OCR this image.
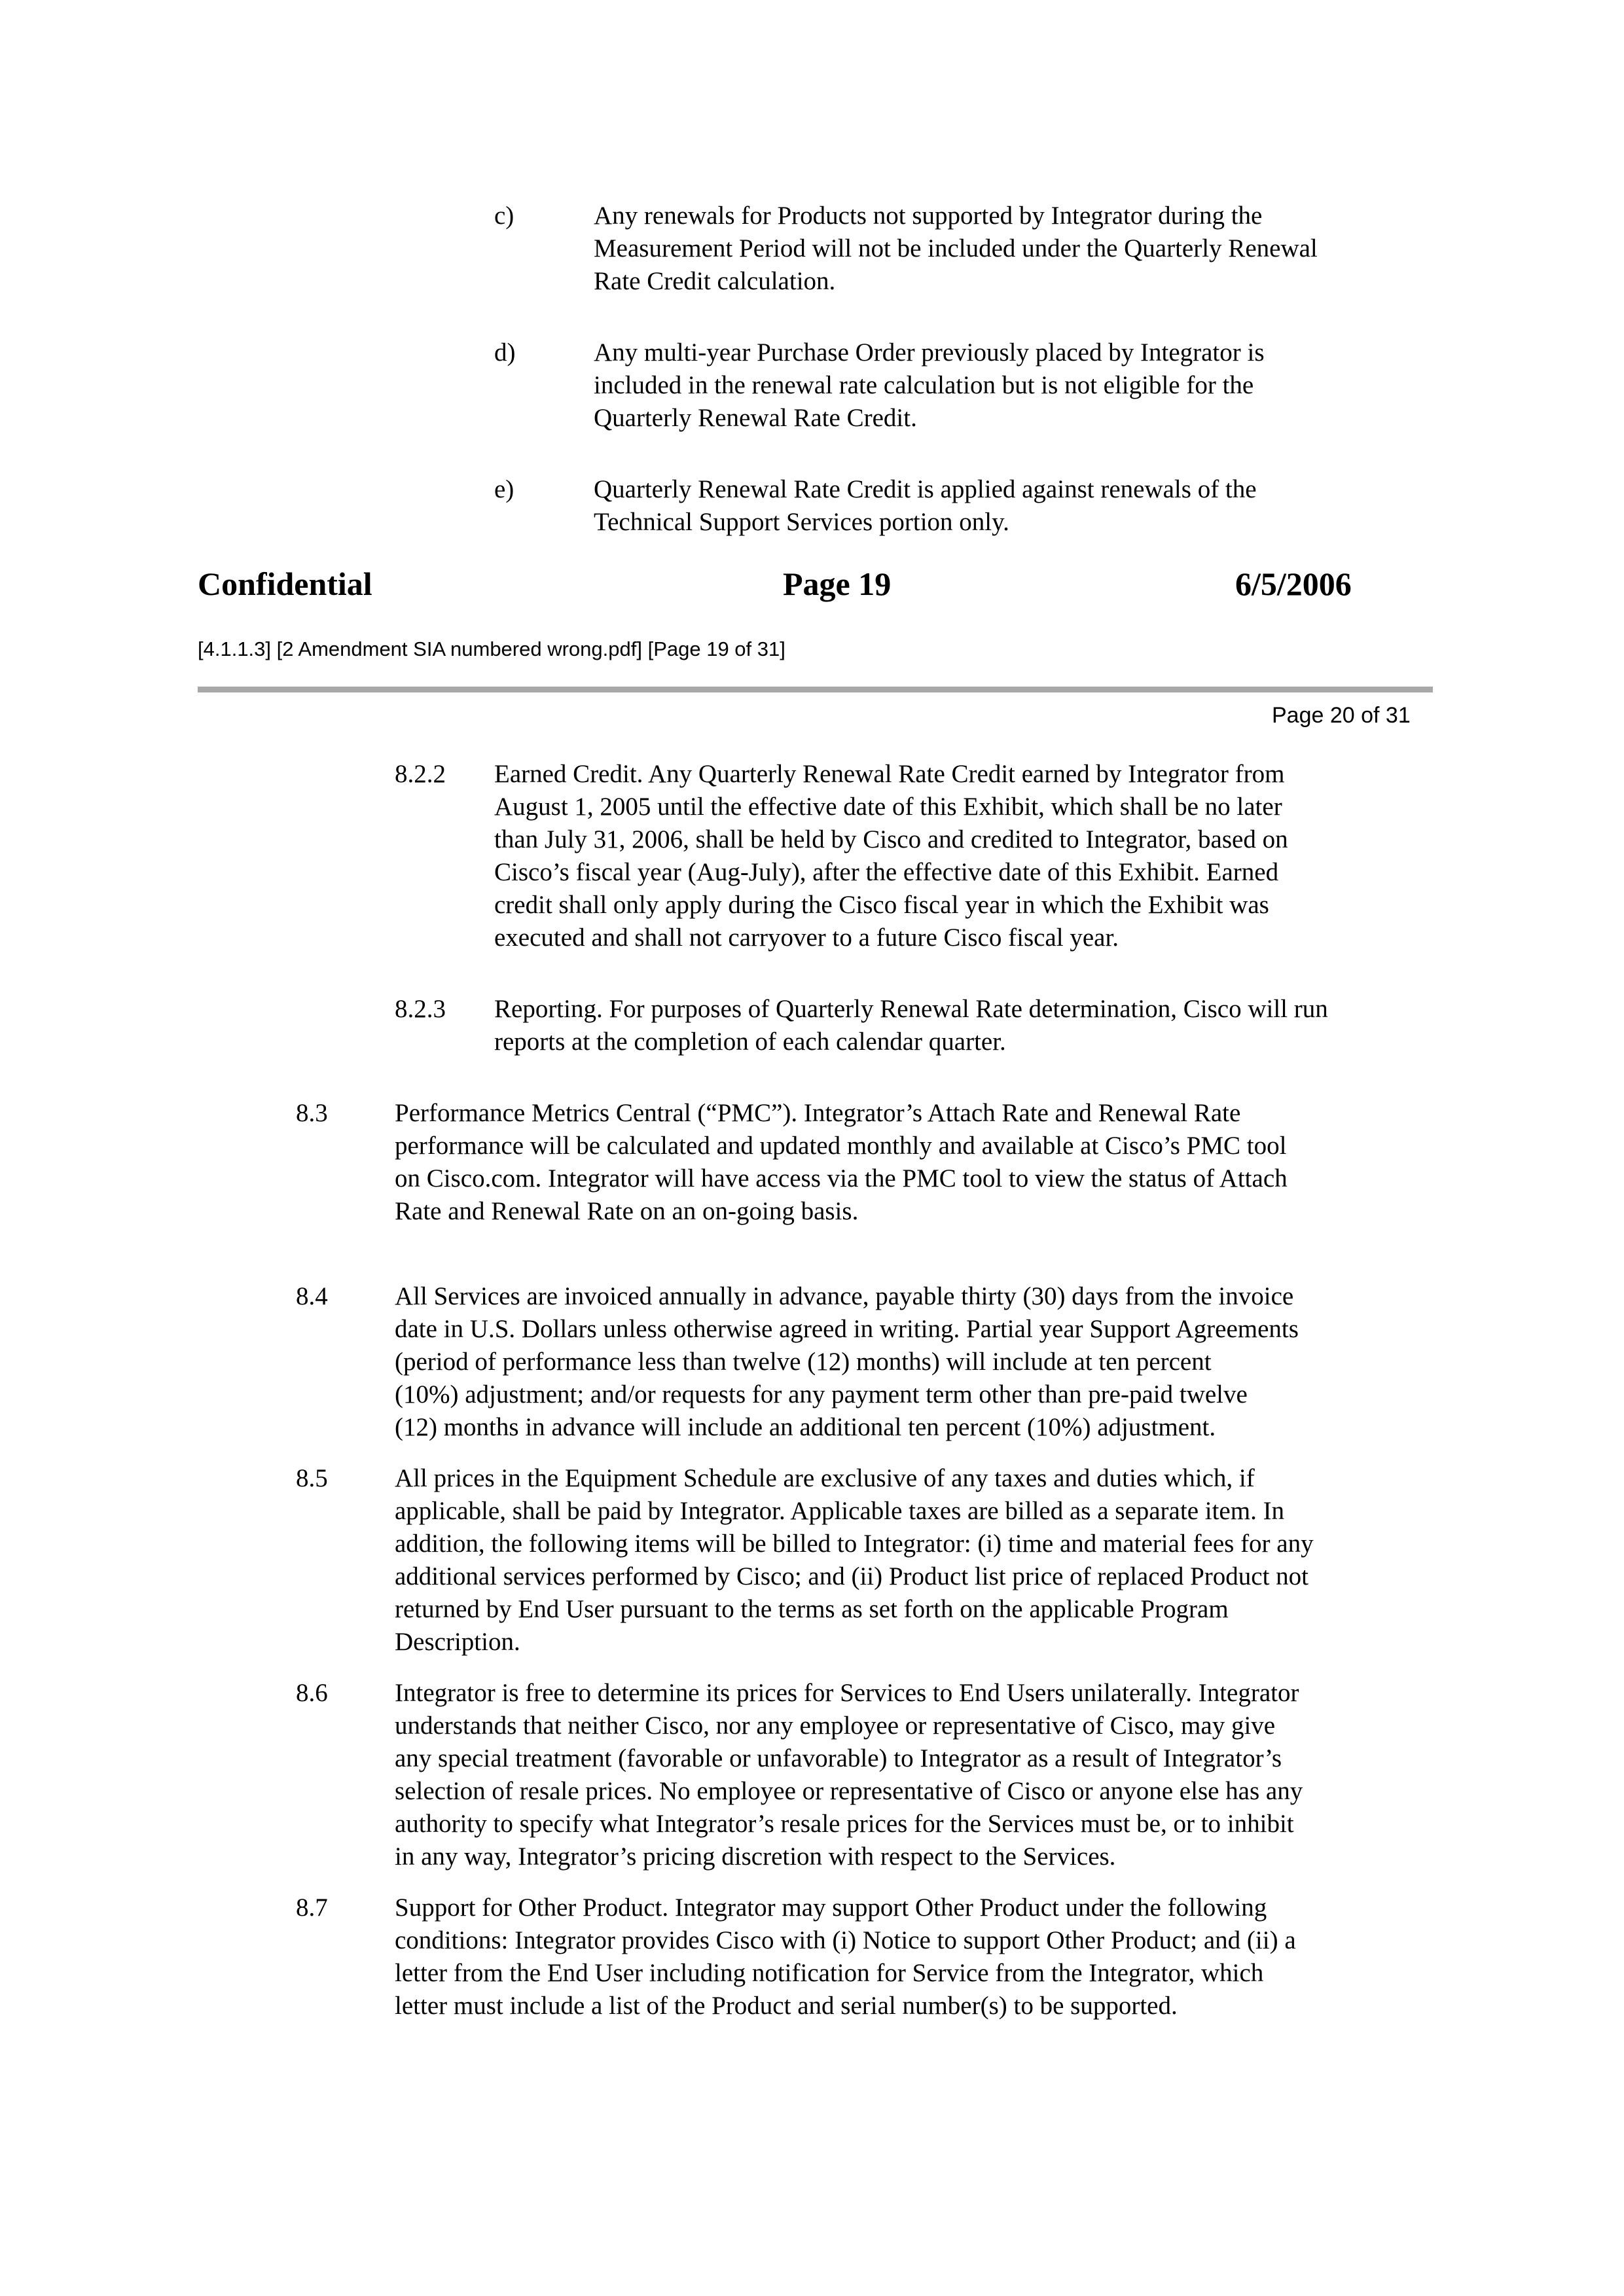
c)	Any renewals for Products not supported by Integrator during the
Measurement Period will not be included under the Quarterly Renewal
Rate Credit calculation.
d)	Any multi-year Purchase Order previously placed by Integrator is
included in the renewal rate calculation but is not eligible for the
Quarterly Renewal Rate Credit.
e)	Quarterly Renewal Rate Credit is applied against renewals of the
Technical Support Services portion only.
Confidential	Page 19	6/5/2006
[4.1.1.3] [2 Amendment SIA numbered wrong.pdf] [Page 19 of 31]
Page 20 of 31
8.2.2 Earned Credit. Any Quarterly Renewal Rate Credit earned by Integrator from
August 1, 2005 until the effective date of this Exhibit, which shall be no later
than July 31, 2006, shall be held by Cisco and credited to Integrator, based on
Cisco’s fiscal year (Aug-July), after the effective date of this Exhibit. Earned
credit shall only apply during the Cisco fiscal year in which the Exhibit was
executed and shall not carryover to a future Cisco fiscal year.
8.2.3 Reporting. For purposes of Quarterly Renewal Rate determination, Cisco will run
reports at the completion of each calendar quarter.
8.3	Performance Metrics Central (“PMC”). Integrator’s Attach Rate and Renewal Rate
performance will be calculated and updated monthly and available at Cisco’s PMC tool
on Cisco.com. Integrator will have access via the PMC tool to view the status of Attach
Rate and Renewal Rate on an on-going basis.
8.4	All Services are invoiced annually in advance, payable thirty (30) days from the invoice
date in U.S. Dollars unless otherwise agreed in writing. Partial year Support Agreements
(period of performance less than twelve (12) months) will include at ten percent
(10%) adjustment; and/or requests for any payment term other than pre-paid twelve
(12) months in advance will include an additional ten percent (10%) adjustment.
8.5	All prices in the Equipment Schedule are exclusive of any taxes and duties which, if
applicable, shall be paid by Integrator. Applicable taxes are billed as a separate item. In
addition, the following items will be billed to Integrator: (i) time and material fees for any
additional services performed by Cisco; and (ii) Product list price of replaced Product not
returned by End User pursuant to the terms as set forth on the applicable Program
Description.
8.6	Integrator is free to determine its prices for Services to End Users unilaterally. Integrator
understands that neither Cisco, nor any employee or representative of Cisco, may give
any special treatment (favorable or unfavorable) to Integrator as a result of Integrator’s
selection of resale prices. No employee or representative of Cisco or anyone else has any
authority to specify what Integrator’s resale prices for the Services must be, or to inhibit
in any way, Integrator’s pricing discretion with respect to the Services.
8.7	Support for Other Product. Integrator may support Other Product under the following
conditions: Integrator provides Cisco with (i) Notice to support Other Product; and (ii) a
letter from the End User including notification for Service from the Integrator, which
letter must include a list of the Product and serial number(s) to be supported.
